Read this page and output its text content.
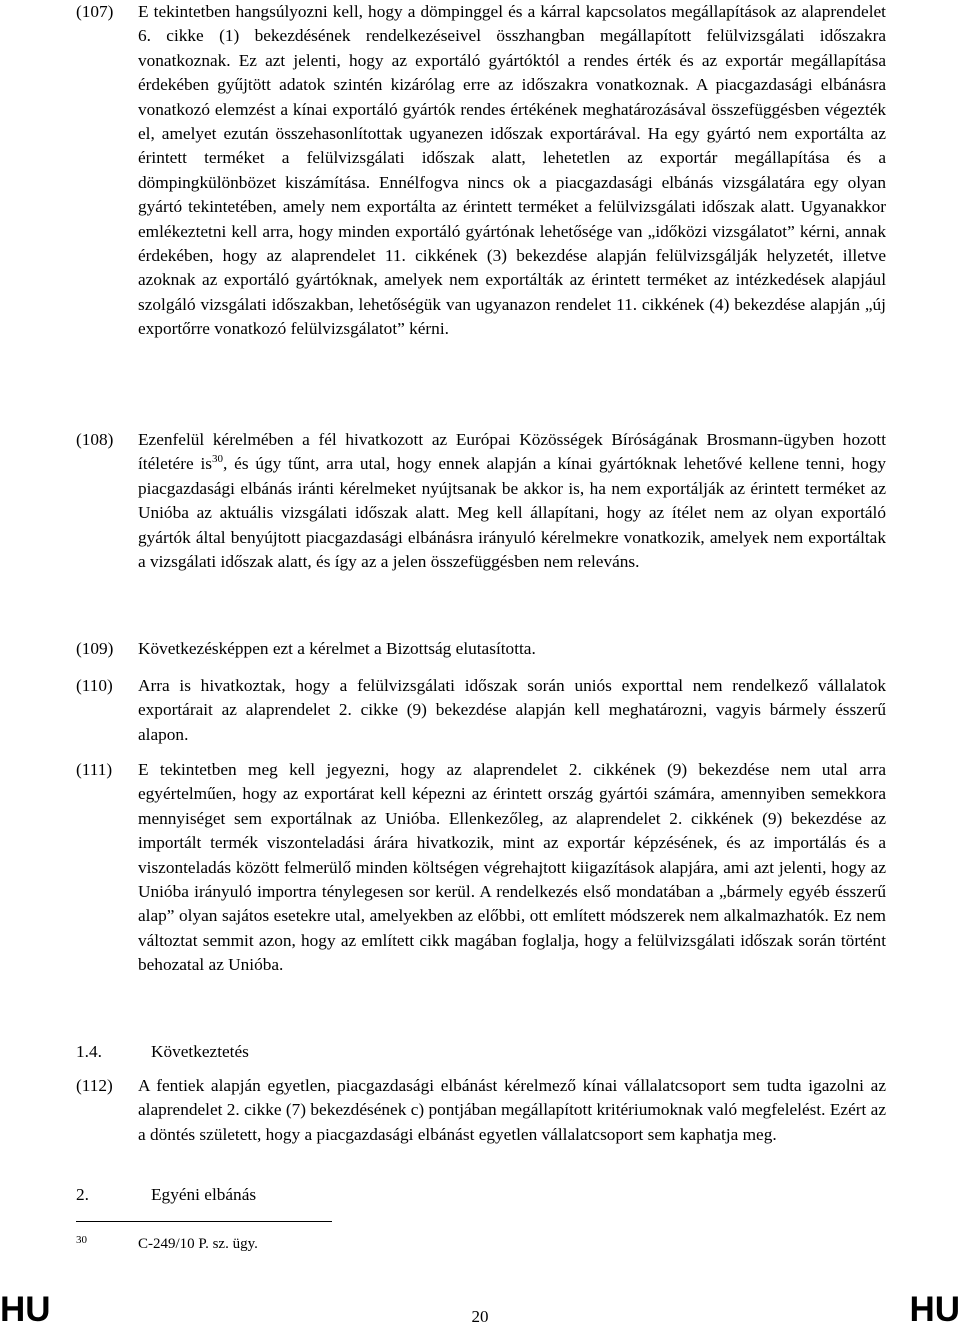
(107)	E tekintetben hangsúlyozni kell, hogy a dömpinggel és a kárral kapcsolatos megállapítások az alaprendelet 6. cikke (1) bekezdésének rendelkezéseivel összhangban megállapított felülvizsgálati időszakra vonatkoznak. Ez azt jelenti, hogy az exportáló gyártóktól a rendes érték és az exportár megállapítása érdekében gyűjtött adatok szintén kizárólag erre az időszakra vonatkoznak. A piacgazdasági elbánásra vonatkozó elemzést a kínai exportáló gyártók rendes értékének meghatározásával összefüggésben végezték el, amelyet ezután összehasonlítottak ugyanezen időszak exportárával. Ha egy gyártó nem exportálta az érintett terméket a felülvizsgálati időszak alatt, lehetetlen az exportár megállapítása és a dömpingkülönbözet kiszámítása. Ennélfogva nincs ok a piacgazdasági elbánás vizsgálatára egy olyan gyártó tekintetében, amely nem exportálta az érintett terméket a felülvizsgálati időszak alatt. Ugyanakkor emlékeztetni kell arra, hogy minden exportáló gyártónak lehetősége van „időközi vizsgálatot” kérni, annak érdekében, hogy az alaprendelet 11. cikkének (3) bekezdése alapján felülvizsgálják helyzetét, illetve azoknak az exportáló gyártóknak, amelyek nem exportálták az érintett terméket az intézkedések alapjául szolgáló vizsgálati időszakban, lehetőségük van ugyanazon rendelet 11. cikkének (4) bekezdése alapján „új exportőrre vonatkozó felülvizsgálatot” kérni.
(108)	Ezenfelül kérelmében a fél hivatkozott az Európai Közösségek Bíróságának Brosmann-ügyben hozott ítéletére $is^{30}$, és úgy tűnt, arra utal, hogy ennek alapján a kínai gyártóknak lehetővé kellene tenni, hogy piacgazdasági elbánás iránti kérelmeket nyújtsanak be akkor is, ha nem exportálják az érintett terméket az Unióba az aktuális vizsgálati időszak alatt. Meg kell állapítani, hogy az ítélet nem az olyan exportáló gyártók által benyújtott piacgazdasági elbánásra irányuló kérelmekre vonatkozik, amelyek nem exportáltak a vizsgálati időszak alatt, és így az a jelen összefüggésben nem releváns.
(109)	Következésképpen ezt a kérelmet a Bizottság elutasította.
(110)	Arra is hivatkoztak, hogy a felülvizsgálati időszak során uniós exporttal nem rendelkező vállalatok exportárait az alaprendelet 2. cikke (9) bekezdése alapján kell meghatározni, vagyis bármely ésszerű alapon.
(111)	E tekintetben meg kell jegyezni, hogy az alaprendelet 2. cikkének (9) bekezdése nem utal arra egyértelműen, hogy az exportárat kell képezni az érintett ország gyártói számára, amennyiben semekkora mennyiséget sem exportálnak az Unióba. Ellenkezőleg, az alaprendelet 2. cikkének (9) bekezdése az importált termék viszonteladási árára hivatkozik, mint az exportár képzésének, és az importálás és a viszonteladás között felmerülő minden költségen végrehajtott kiigazítások alapjára, ami azt jelenti, hogy az Unióba irányuló importra ténylegesen sor kerül. A rendelkezés első mondatában a „bármely egyéb ésszerű alap” olyan sajátos esetekre utal, amelyekben az előbbi, ott említett módszerek nem alkalmazhatók. Ez nem változtat semmit azon, hogy az említett cikk magában foglalja, hogy a felülvizsgálati időszak során történt behozatal az Unióba.
1.4.	Következtetés
(112)	A fentiek alapján egyetlen, piacgazdasági elbánást kérelmező kínai vállalatcsoport sem tudta igazolni az alaprendelet 2. cikke (7) bekezdésének c) pontjában megállapított kritériumoknak való megfelelést. Ezért az a döntés született, hogy a piacgazdasági elbánást egyetlen vállalatcsoport sem kaphatja meg.
2.	Egyéni elbánás
30	C-249/10 P. sz. ügy.
HU	20	HU
